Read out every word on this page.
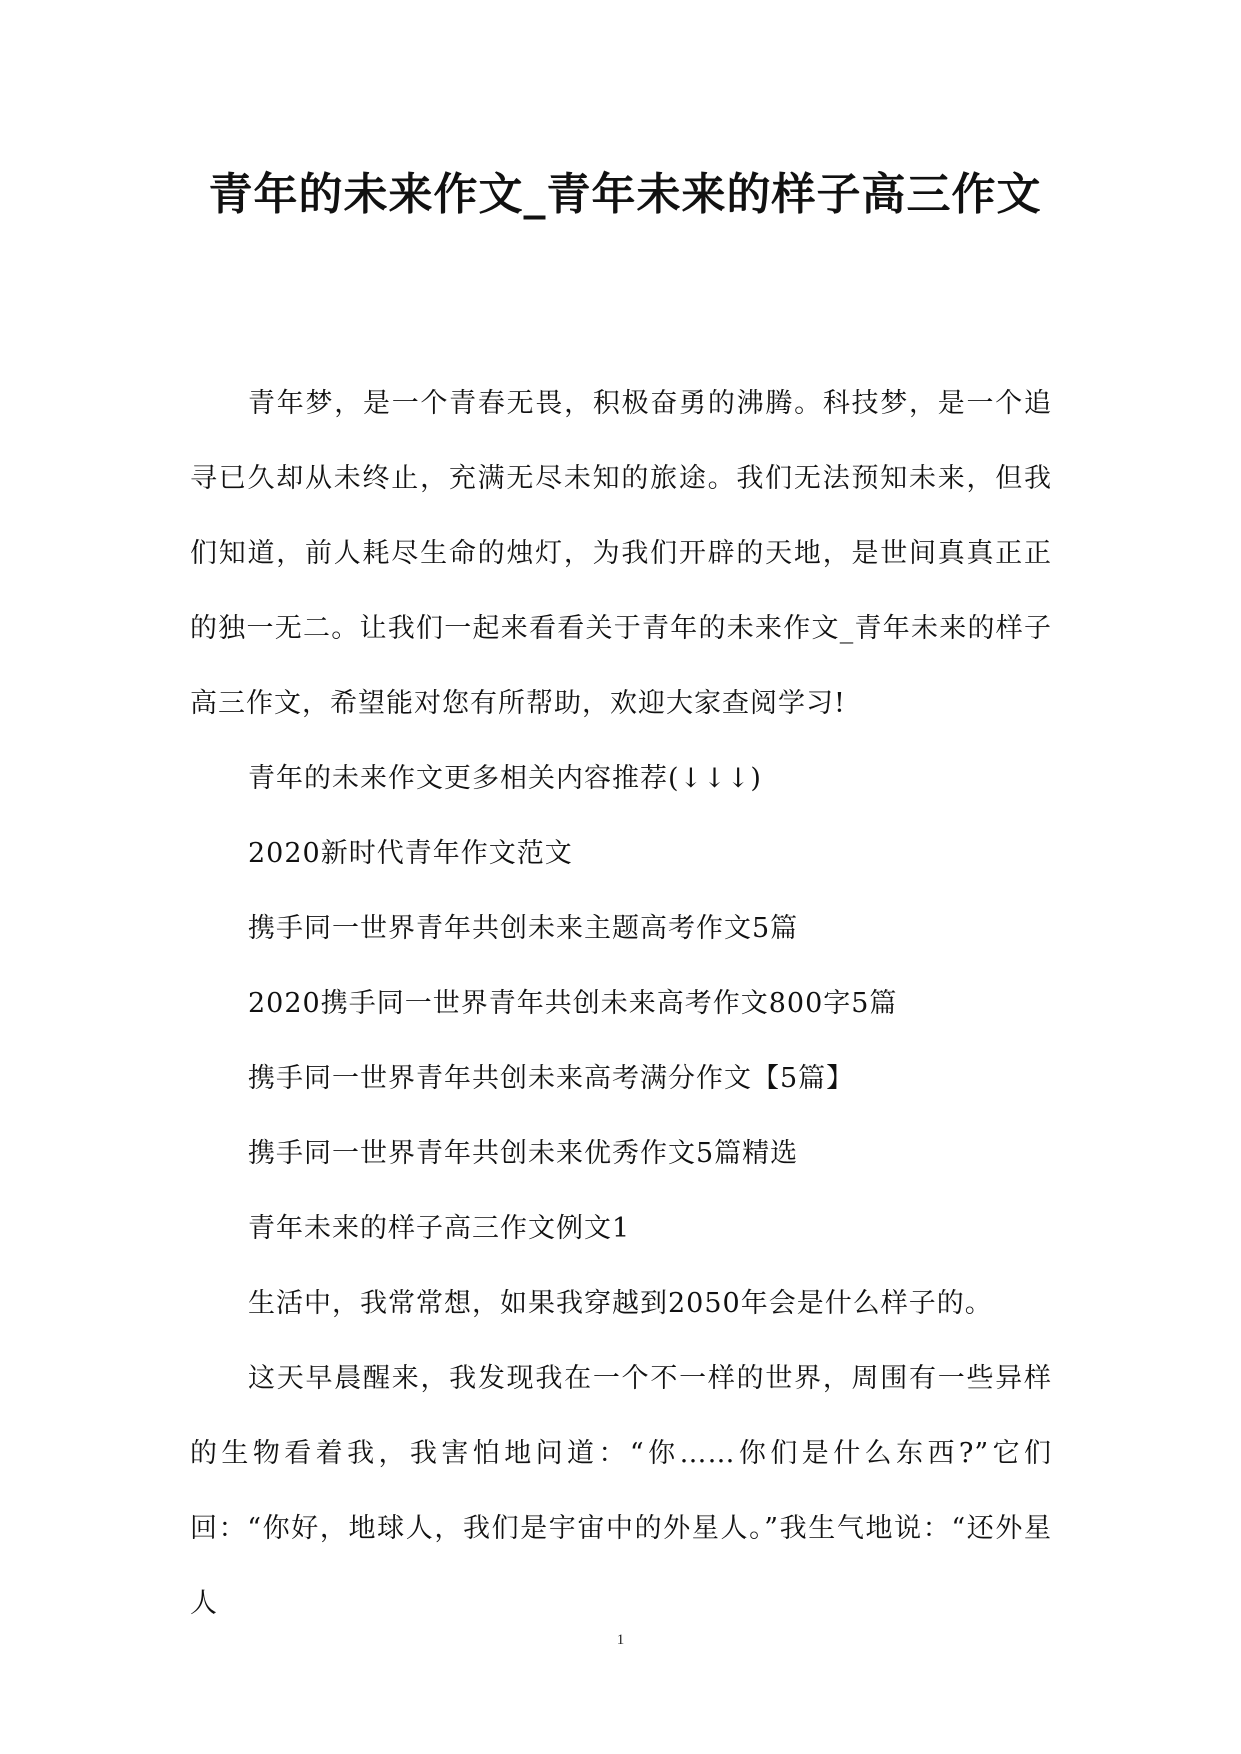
青年的未来作文_青年未来的样子高三作文

青年梦，是一个青春无畏，积极奋勇的沸腾。科技梦，是一个追寻已久却从未终止，充满无尽未知的旅途。我们无法预知未来，但我们知道，前人耗尽生命的烛灯，为我们开辟的天地，是世间真真正正的独一无二。让我们一起来看看关于青年的未来作文_青年未来的样子高三作文，希望能对您有所帮助，欢迎大家查阅学习!

青年的未来作文更多相关内容推荐(↓↓↓)

2020新时代青年作文范文

携手同一世界青年共创未来主题高考作文5篇

2020携手同一世界青年共创未来高考作文800字5篇

携手同一世界青年共创未来高考满分作文【5篇】

携手同一世界青年共创未来优秀作文5篇精选

青年未来的样子高三作文例文1

生活中，我常常想，如果我穿越到2050年会是什么样子的。

这天早晨醒来，我发现我在一个不一样的世界，周围有一些异样的生物看着我，我害怕地问道：“你……你们是什么东西?”它们回：“你好，地球人，我们是宇宙中的外星人。”我生气地说：“还外星人

1
